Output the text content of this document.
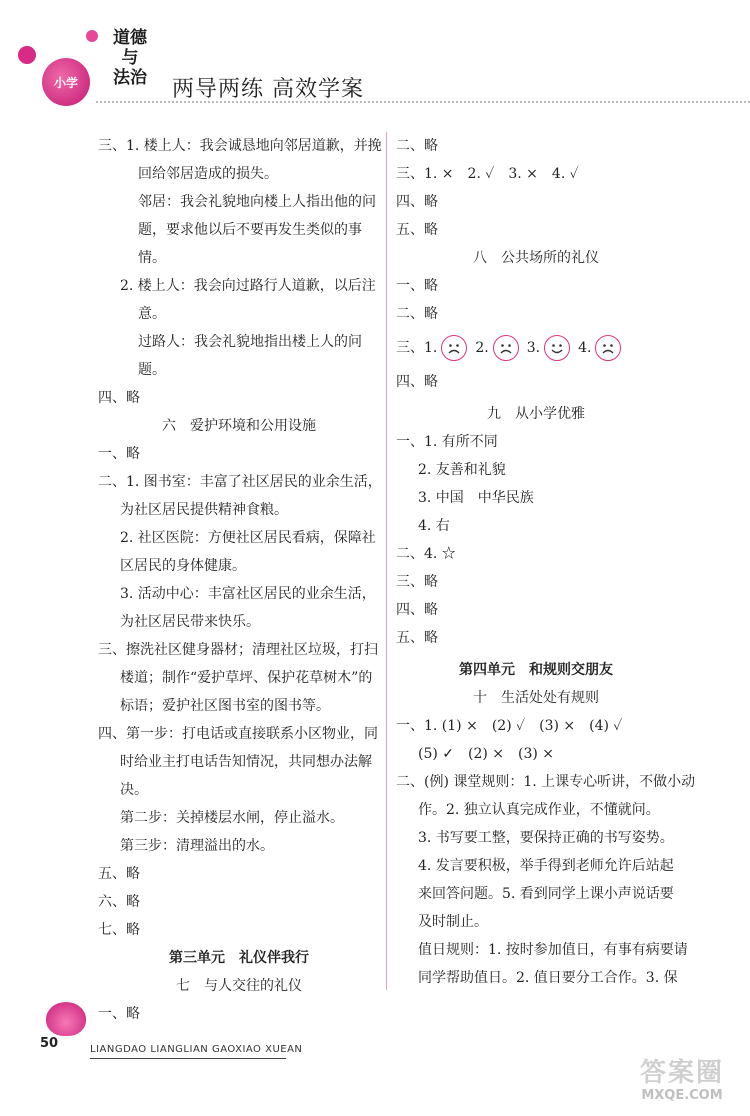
小学
道德
与
法治	两导两练 高效学案
三、1. 楼上人：我会诚恳地向邻居道歉，并挽
回给邻居造成的损失。
邻居：我会礼貌地向楼上人指出他的问
题，要求他以后不要再发生类似的事
情。
2. 楼上人：我会向过路行人道歉，以后注
意。
过路人：我会礼貌地指出楼上人的问
题。
四、略
六　爱护环境和公用设施
一、略
二、1. 图书室：丰富了社区居民的业余生活，
为社区居民提供精神食粮。
2. 社区医院：方便社区居民看病，保障社
区居民的身体健康。
3. 活动中心：丰富社区居民的业余生活，
为社区居民带来快乐。
三、擦洗社区健身器材；清理社区垃圾，打扫
楼道；制作“爱护草坪、保护花草树木”的
标语；爱护社区图书室的图书等。
四、第一步：打电话或直接联系小区物业，同
时给业主打电话告知情况，共同想办法解
决。
第二步：关掉楼层水闸，停止溢水。
第三步：清理溢出的水。
五、略
六、略
七、略
第三单元　礼仪伴我行
七　与人交往的礼仪
一、略
二、略
三、1. ×　2. ✓　3. ×　4. ✓
四、略
五、略
八　公共场所的礼仪
一、略
二、略
三、1.	2.	3.	4.
四、略
九　从小学优雅
一、1. 有所不同
2. 友善和礼貌
3. 中国　中华民族
4. 右
二、4. ☆
三、略
四、略
五、略
第四单元　和规则交朋友
十　生活处处有规则
一、1. (1) ×　(2) ✓　(3) ×　(4) ✓
(5) ✓　(2) ×　(3) ×
二、(例) 课堂规则：1. 上课专心听讲，不做小动
作。2. 独立认真完成作业，不懂就问。
3. 书写要工整，要保持正确的书写姿势。
4. 发言要积极，举手得到老师允许后站起
来回答问题。5. 看到同学上课小声说话要
及时制止。
值日规则：1. 按时参加值日，有事有病要请
同学帮助值日。2. 值日要分工合作。3. 保
50	LIANGDAO LIANGLIAN GAOXIAO XUEAN
答案圈
MXQE.COM
